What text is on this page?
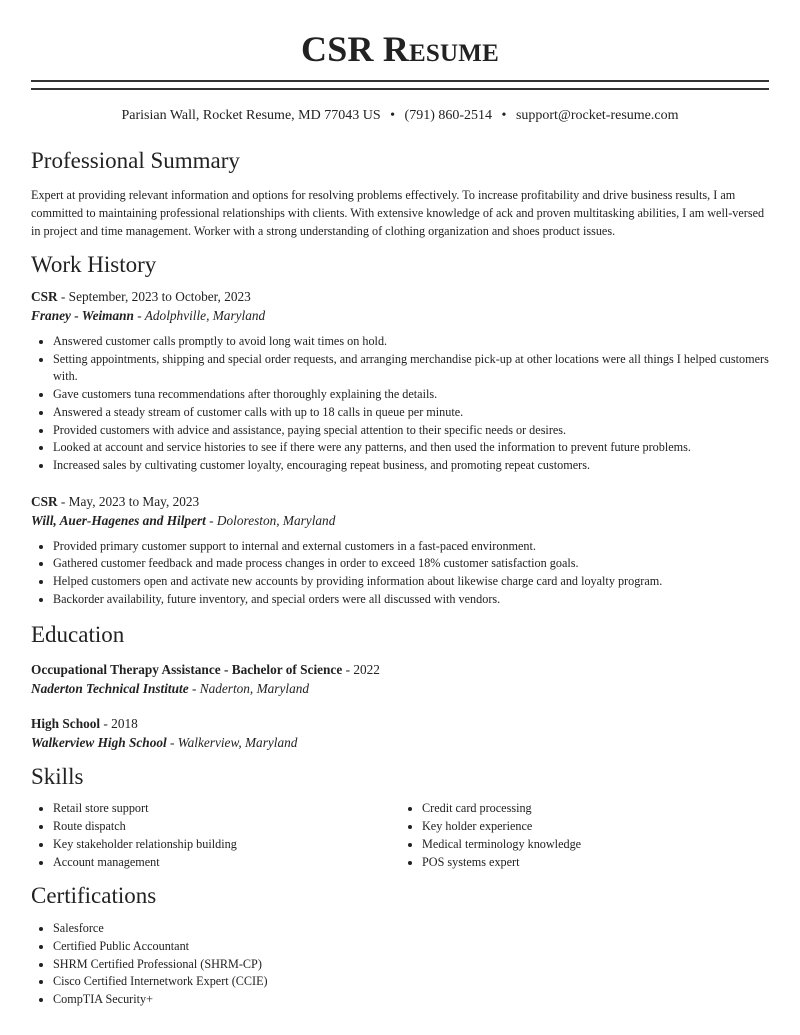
CSR Resume
Parisian Wall, Rocket Resume, MD 77043 US • (791) 860-2514 • support@rocket-resume.com
Professional Summary

Expert at providing relevant information and options for resolving problems effectively. To increase profitability and drive business results, I am committed to maintaining professional relationships with clients. With extensive knowledge of ack and proven multitasking abilities, I am well-versed in project and time management. Worker with a strong understanding of clothing organization and shoes product issues.

Work History

CSR - September, 2023 to October, 2023

Franey - Weimann - Adolphville, Maryland

• Answered customer calls promptly to avoid long wait times on hold.
• Setting appointments, shipping and special order requests, and arranging merchandise pick-up at other locations were all things I helped customers with.
• Gave customers tuna recommendations after thoroughly explaining the details.
• Answered a steady stream of customer calls with up to 18 calls in queue per minute.
• Provided customers with advice and assistance, paying special attention to their specific needs or desires.
• Looked at account and service histories to see if there were any patterns, and then used the information to prevent future problems.
• Increased sales by cultivating customer loyalty, encouraging repeat business, and promoting repeat customers.

CSR - May, 2023 to May, 2023

Will, Auer-Hagenes and Hilpert - Doloreston, Maryland

• Provided primary customer support to internal and external customers in a fast-paced environment.
• Gathered customer feedback and made process changes in order to exceed 18% customer satisfaction goals.
• Helped customers open and activate new accounts by providing information about likewise charge card and loyalty program.
• Backorder availability, future inventory, and special orders were all discussed with vendors.
Education

Occupational Therapy Assistance - Bachelor of Science - 2022

Naderton Technical Institute - Naderton, Maryland

High School - 2018

Walkerview High School - Walkerview, Maryland

Skills
• Retail store support
• Route dispatch
• Key stakeholder relationship building
• Account management
• Credit card processing
• Key holder experience
• Medical terminology knowledge
• POS systems expert
Certifications
• Salesforce
• Certified Public Accountant
• SHRM Certified Professional (SHRM-CP)
• Cisco Certified Internetwork Expert (CCIE)
• CompTIA Security+
